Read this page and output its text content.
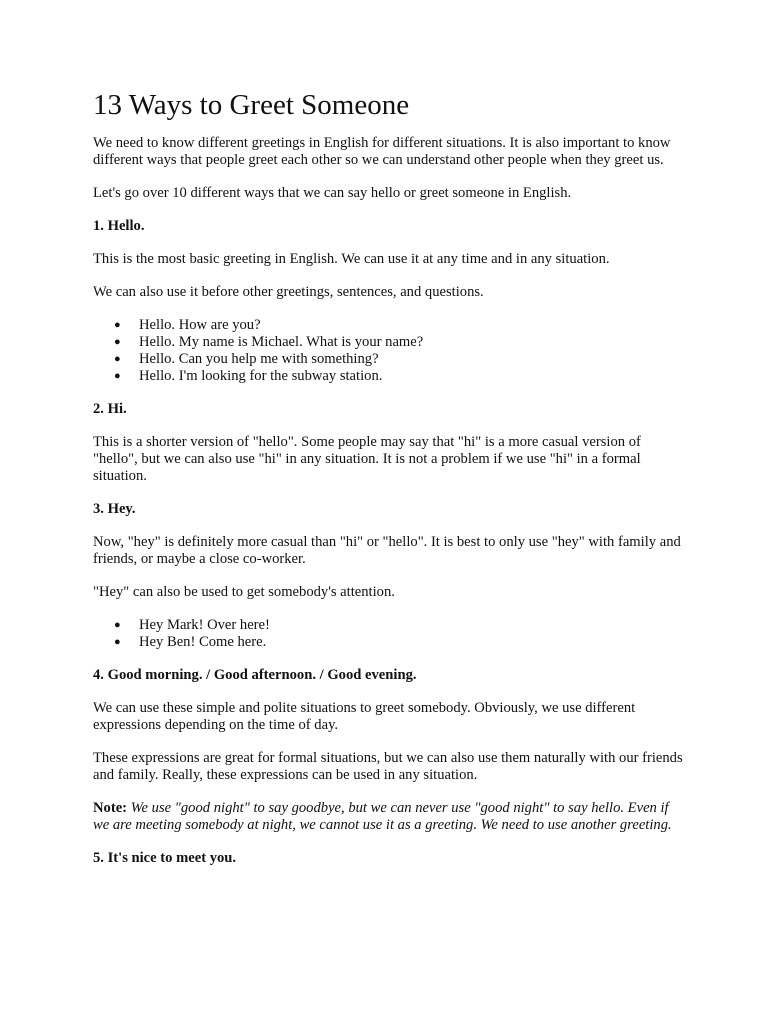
13 Ways to Greet Someone

We need to know different greetings in English for different situations. It is also important to know different ways that people greet each other so we can understand other people when they greet us.

Let's go over 10 different ways that we can say hello or greet someone in English.

1. Hello.

This is the most basic greeting in English. We can use it at any time and in any situation.

We can also use it before other greetings, sentences, and questions.

● Hello. How are you?
● Hello. My name is Michael. What is your name?
● Hello. Can you help me with something?
● Hello. I'm looking for the subway station.

2. Hi.

This is a shorter version of "hello". Some people may say that "hi" is a more casual version of "hello", but we can also use "hi" in any situation. It is not a problem if we use "hi" in a formal situation.

3. Hey.

Now, "hey" is definitely more casual than "hi" or "hello". It is best to only use "hey" with family and friends, or maybe a close co-worker.

"Hey" can also be used to get somebody's attention.

● Hey Mark! Over here!
● Hey Ben! Come here.

4. Good morning. / Good afternoon. / Good evening.

We can use these simple and polite situations to greet somebody. Obviously, we use different expressions depending on the time of day.

These expressions are great for formal situations, but we can also use them naturally with our friends and family. Really, these expressions can be used in any situation.

Note: We use "good night" to say goodbye, but we can never use "good night" to say hello. Even if we are meeting somebody at night, we cannot use it as a greeting. We need to use another greeting.

5. It's nice to meet you.
